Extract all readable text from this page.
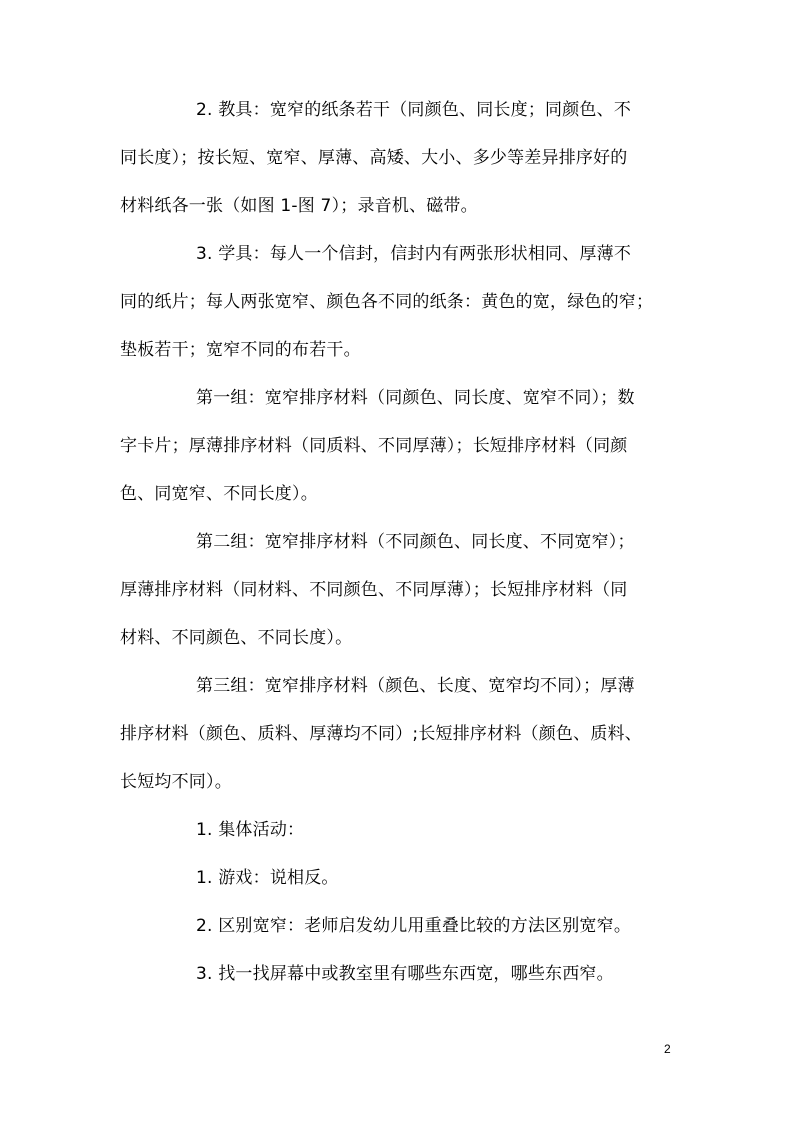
2. 教具：宽窄的纸条若干（同颜色、同长度；同颜色、不
同长度）；按长短、宽窄、厚薄、高矮、大小、多少等差异排序好的
材料纸各一张（如图 1-图 7）；录音机、磁带。
3. 学具：每人一个信封，信封内有两张形状相同、厚薄不
同的纸片；每人两张宽窄、颜色各不同的纸条：黄色的宽，绿色的窄；
垫板若干；宽窄不同的布若干。
第一组：宽窄排序材料（同颜色、同长度、宽窄不同）；数
字卡片；厚薄排序材料（同质料、不同厚薄）；长短排序材料（同颜
色、同宽窄、不同长度）。
第二组：宽窄排序材料（不同颜色、同长度、不同宽窄）；
厚薄排序材料（同材料、不同颜色、不同厚薄）；长短排序材料（同
材料、不同颜色、不同长度）。
第三组：宽窄排序材料（颜色、长度、宽窄均不同）；厚薄
排序材料（颜色、质料、厚薄均不同）;长短排序材料（颜色、质料、
长短均不同）。
1. 集体活动：
1. 游戏：说相反。
2. 区别宽窄：老师启发幼儿用重叠比较的方法区别宽窄。
3. 找一找屏幕中或教室里有哪些东西宽，哪些东西窄。
2
